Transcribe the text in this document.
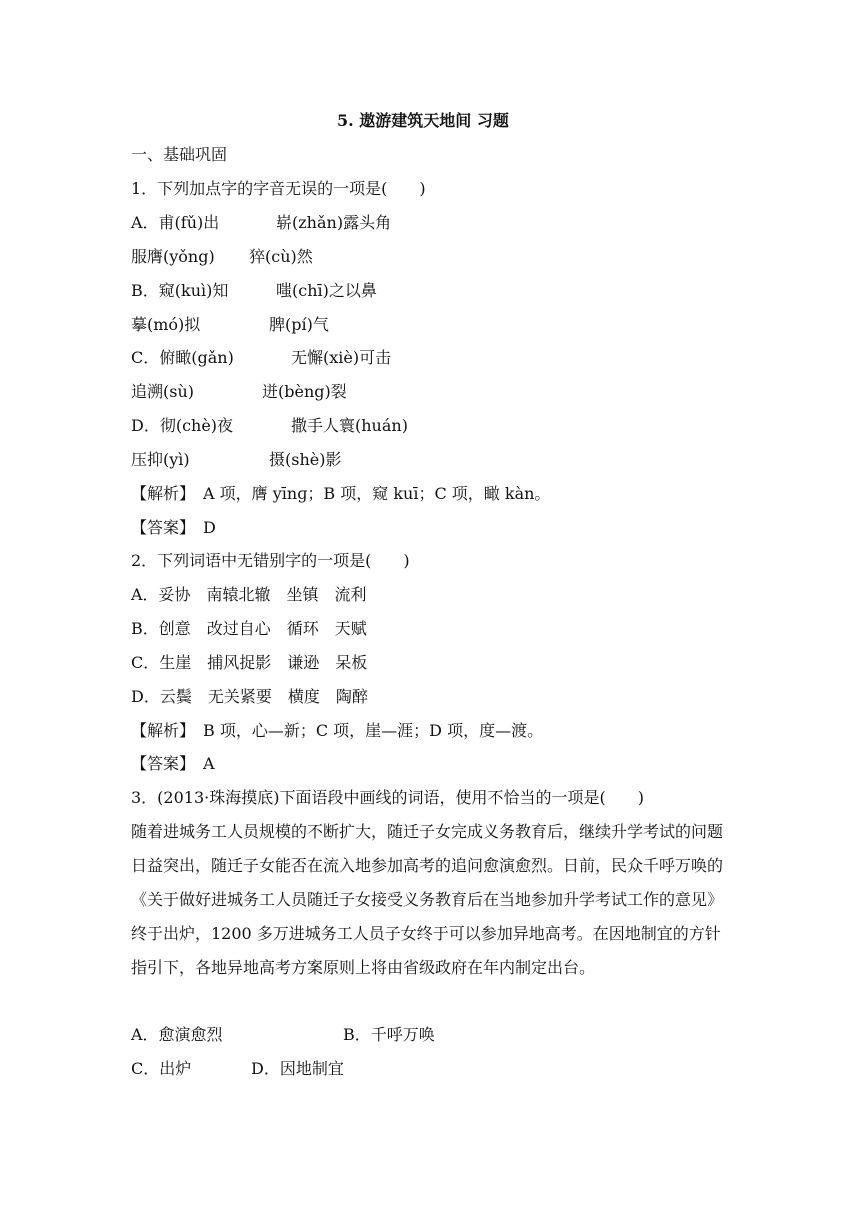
5. 遨游建筑天地间 习题
一、基础巩固
1．下列加点字的字音无误的一项是(　　)
A．甫(fǔ)出	崭(zhǎn)露头角
服膺(yǒng) 猝(cù)然
B．窥(kuì)知	嗤(chī)之以鼻
摹(mó)拟	脾(pí)气
C．俯瞰(gǎn)	无懈(xiè)可击
追溯(sù)	迸(bèng)裂
D．彻(chè)夜	撒手人寰(huán)
压抑(yì)	摄(shè)影
【解析】　A 项，膺 yīnɡ；B 项，窥 kuī；C 项，瞰 kàn。
【答案】　D
2．下列词语中无错别字的一项是(　　)
A．妥协　南辕北辙　坐镇　流利
B．创意　改过自心　循环　天赋
C．生崖　捕风捉影　谦逊　呆板
D．云鬓　无关紧要　横度　陶醉
【解析】　B 项，心—新；C 项，崖—涯；D 项，度—渡。
【答案】　A
3．(2013·珠海摸底)下面语段中画线的词语，使用不恰当的一项是(　　)
随着进城务工人员规模的不断扩大，随迁子女完成义务教育后，继续升学考试的问题日益突出，随迁子女能否在流入地参加高考的追问愈演愈烈。日前，民众千呼万唤的《关于做好进城务工人员随迁子女接受义务教育后在当地参加升学考试工作的意见》终于出炉，1200 多万进城务工人员子女终于可以参加异地高考。在因地制宜的方针指引下，各地异地高考方案原则上将由省级政府在年内制定出台。
A．愈演愈烈	B．千呼万唤
C．出炉	D．因地制宜
